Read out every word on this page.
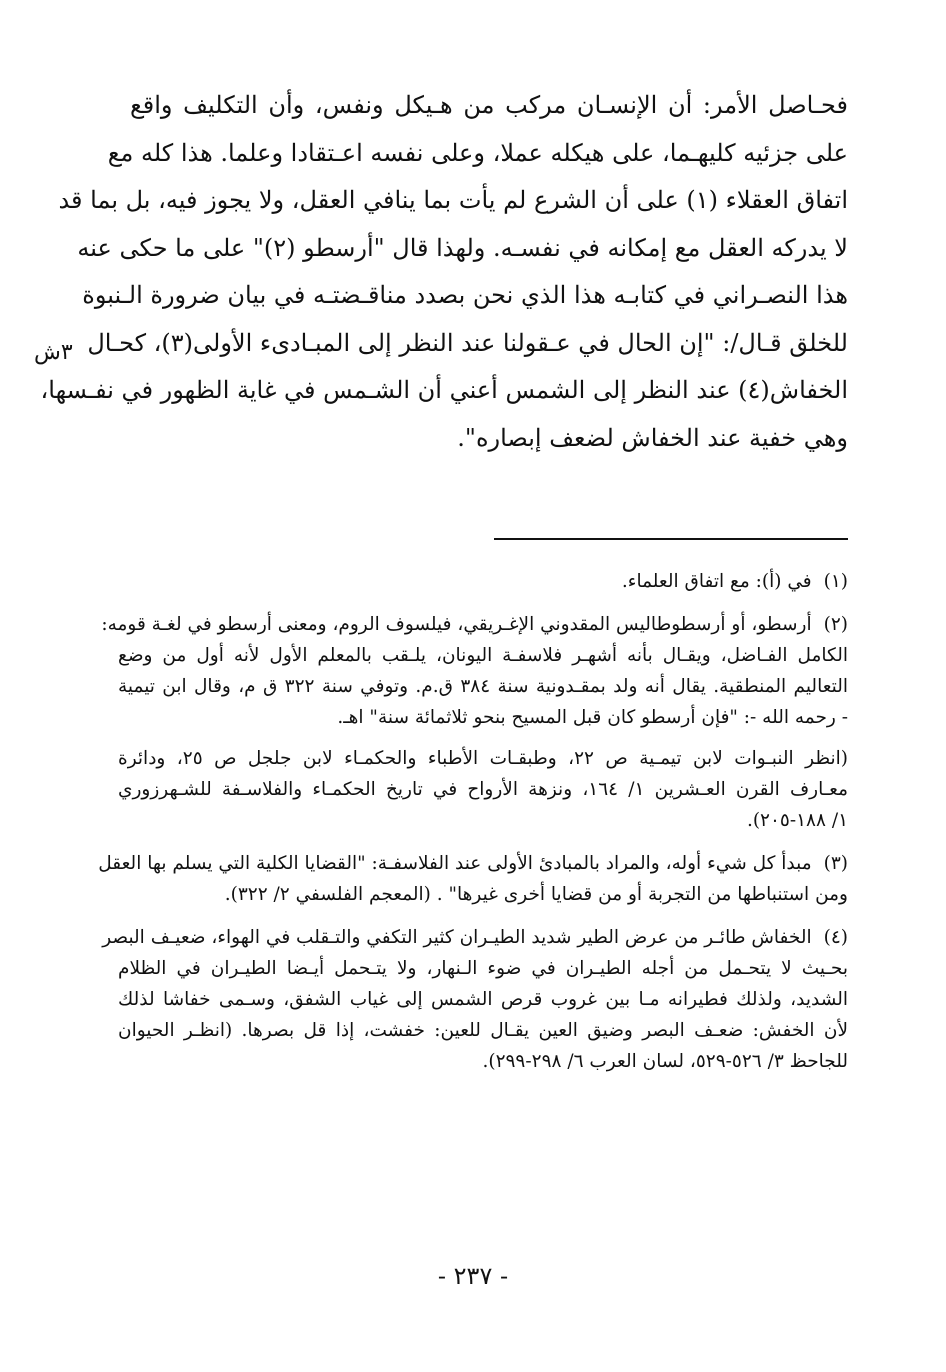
فحـاصل الأمر: أن الإنسـان مركب من هـيكل ونفس، وأن التكليف واقع
على جزئيه كليهـما، على هيكله عملا، وعلى نفسه اعـتقادا وعلما. هذا كله مع
اتفاق العقلاء (١) على أن الشرع لم يأت بما ينافي العقل، ولا يجوز فيه، بل بما قد
لا يدركه العقل مع إمكانه في نفسـه. ولهذا قال "أرسطو (٢)" على ما حكى عنه
هذا النصـراني في كتابـه هذا الذي نحن بصدد مناقـضتـه في بيان ضرورة الـنبوة
للخلق قـال/: "إن الحال في عـقولنا عند النظر إلى المبـادىء الأولى(٣)، كحـال
الخفاش(٤) عند النظر إلى الشمس أعني أن الشـمس في غاية الظهور في نفـسها،
وهي خفية عند الخفاش لضعف إبصاره".
٣ش
(١)في (أ): مع اتفاق العلماء.
(٢)أرسطو، أو أرسطوطاليس المقدوني الإغـريقي، فيلسوف الروم، ومعنى أرسطو في لغـة قومه:
الكامل الفـاضل، ويقـال بأنه أشهـر فلاسفـة اليونان، يلـقب بالمعلم الأول لأنه أول من وضع
التعاليم المنطقية. يقال أنه ولد بمقـدونية سنة ٣٨٤ ق.م. وتوفي سنة ٣٢٢ ق م، وقال ابن تيمية
- رحمه الله -: "فإن أرسطو كان قبل المسيح بنحو ثلاثمائة سنة" اهـ.
(انظر النبـوات لابن تيمـية ص ٢٢، وطبقـات الأطباء والحكمـاء لابن جلجل ص ٢٥، ودائرة
معـارف القرن العـشرين ١/ ١٦٤، ونزهة الأرواح في تاريخ الحكمـاء والفلاسـفة للشـهرزوري
١/ ١٨٨-٢٠٥).
(٣)مبدأ كل شيء أوله، والمراد بالمبادئ الأولى عند الفلاسفـة: "القضايا الكلية التي يسلم بها العقل
ومن استنباطها من التجربة أو من قضايا أخرى غيرها" . (المعجم الفلسفي ٢/ ٣٢٢).
(٤)الخفاش طائـر من عرض الطير شديد الطيـران كثير التكفي والتـقلب في الهواء، ضعيـف البصر
بحـيث لا يتحـمل من أجله الطيـران في ضوء الـنهار، ولا يتـحمل أيـضا الطيـران في الظلام
الشديد، ولذلك فطيرانه مـا بين غروب قرص الشمس إلى غياب الشفق، وسـمى خفاشا لذلك
لأن الخفش: ضعـف البصر وضيق العين يقـال للعين: خفشت، إذا قل بصرها. (انظـر الحيوان
للجاحظ ٣/ ٥٢٦-٥٢٩، لسان العرب ٦/ ٢٩٨-٢٩٩).
- ٢٣٧ -
